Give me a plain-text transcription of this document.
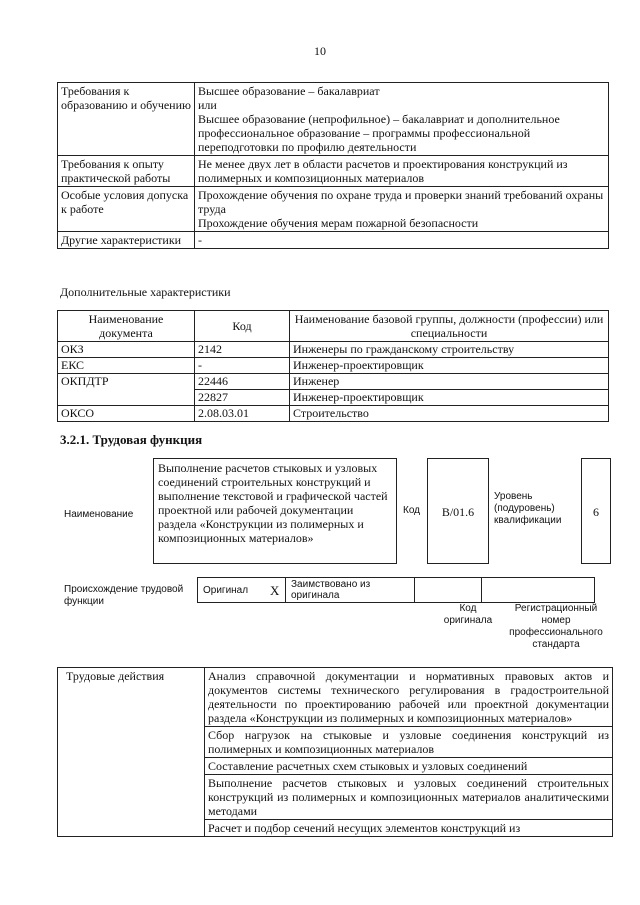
10
Требования к образованию и обучению	Высшее образование – бакалавриат
или
Высшее образование (непрофильное) – бакалавриат и дополнительное профессиональное образование – программы профессиональной переподготовки по профилю деятельности

Требования к опыту практической работы	Не менее двух лет в области расчетов и проектирования конструкций из полимерных и композиционных материалов
Особые условия допуска к работе	Прохождение обучения по охране труда и проверки знаний требований охраны труда
Прохождение обучения мерам пожарной безопасности

Другие характеристики	-
Дополнительные характеристики
Наименование документа	Код	Наименование базовой группы, должности (профессии) или специальности
ОКЗ	2142	Инженеры по гражданскому строительству
ЕКС	-	Инженер-проектировщик
ОКПДТР	22446	Инженер
	22827	Инженер-проектировщик
ОКСО	2.08.03.01	Строительство
3.2.1. Трудовая функция
Наименование
Выполнение расчетов стыковых и узловых соединений строительных конструкций и выполнение текстовой и графической частей проектной или рабочей документации раздела «Конструкции из полимерных и композиционных материалов»
Код	B/01.6
Уровень (подуровень) квалификации
6
Происхождение трудовой функции
Оригинал	X	Заимствовано из оригинала		
Код оригинала
Регистрационный номер профессионального стандарта
Трудовые действия	Анализ справочной документации и нормативных правовых актов и документов системы технического регулирования в градостроительной деятельности по проектированию рабочей или проектной документации раздела «Конструкции из полимерных и композиционных материалов»
Сбор нагрузок на стыковые и узловые соединения конструкций из полимерных и композиционных материалов
Составление расчетных схем стыковых и узловых соединений
Выполнение расчетов стыковых и узловых соединений строительных конструкций из полимерных и композиционных материалов аналитическими методами
Расчет и подбор сечений несущих элементов конструкций из
